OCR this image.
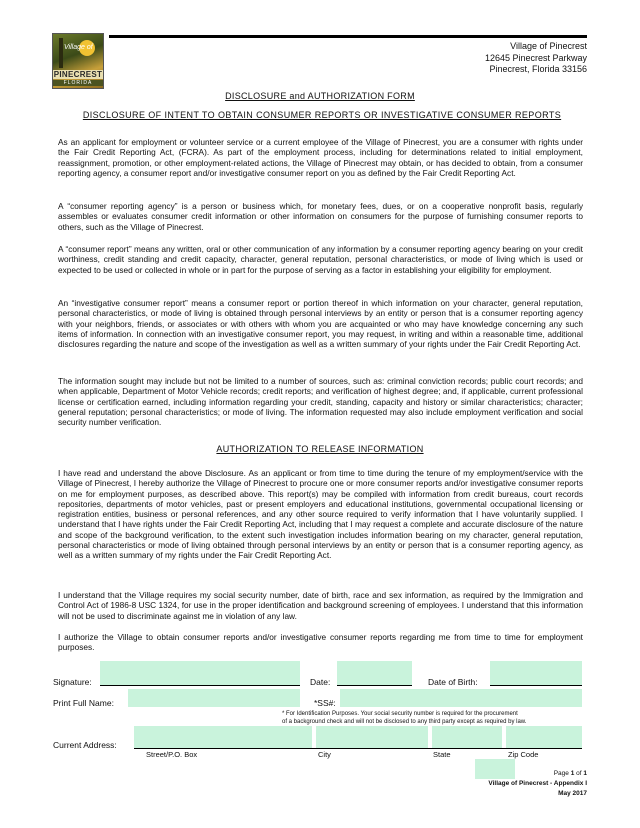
Village of
PINECREST
FLORIDA
Village of Pinecrest
12645 Pinecrest Parkway
Pinecrest, Florida 33156
DISCLOSURE and AUTHORIZATION FORM
DISCLOSURE OF INTENT TO OBTAIN CONSUMER REPORTS OR INVESTIGATIVE CONSUMER REPORTS
As an applicant for employment or volunteer service or a current employee of the Village of Pinecrest, you are a consumer with rights under the Fair Credit Reporting Act, (FCRA). As part of the employment process, including for determinations related to initial employment, reassignment, promotion, or other employment-related actions, the Village of Pinecrest may obtain, or has decided to obtain, from a consumer reporting agency, a consumer report and/or investigative consumer report on you as defined by the Fair Credit Reporting Act.
A “consumer reporting agency” is a person or business which, for monetary fees, dues, or on a cooperative nonprofit basis, regularly assembles or evaluates consumer credit information or other information on consumers for the purpose of furnishing consumer reports to others, such as the Village of Pinecrest.
A “consumer report” means any written, oral or other communication of any information by a consumer reporting agency bearing on your credit worthiness, credit standing and credit capacity, character, general reputation, personal characteristics, or mode of living which is used or expected to be used or collected in whole or in part for the purpose of serving as a factor in establishing your eligibility for employment.
An “investigative consumer report” means a consumer report or portion thereof in which information on your character, general reputation, personal characteristics, or mode of living is obtained through personal interviews by an entity or person that is a consumer reporting agency with your neighbors, friends, or associates or with others with whom you are acquainted or who may have knowledge concerning any such items of information. In connection with an investigative consumer report, you may request, in writing and within a reasonable time, additional disclosures regarding the nature and scope of the investigation as well as a written summary of your rights under the Fair Credit Reporting Act.
The information sought may include but not be limited to a number of sources, such as: criminal conviction records; public court records; and when applicable, Department of Motor Vehicle records; credit reports; and verification of highest degree; and, if applicable, current professional license or certification earned, including information regarding your credit, standing, capacity and history or similar characteristics; character; general reputation; personal characteristics; or mode of living. The information requested may also include employment verification and social security number verification.
AUTHORIZATION TO RELEASE INFORMATION
I have read and understand the above Disclosure. As an applicant or from time to time during the tenure of my employment/service with the Village of Pinecrest, I hereby authorize the Village of Pinecrest to procure one or more consumer reports and/or investigative consumer reports on me for employment purposes, as described above. This report(s) may be compiled with information from credit bureaus, court records repositories, departments of motor vehicles, past or present employers and educational institutions, governmental occupational licensing or registration entities, business or personal references, and any other source required to verify information that I have voluntarily supplied. I understand that I have rights under the Fair Credit Reporting Act, including that I may request a complete and accurate disclosure of the nature and scope of the background verification, to the extent such investigation includes information bearing on my character, general reputation, personal characteristics or mode of living obtained through personal interviews by an entity or person that is a consumer reporting agency, as well as a written summary of my rights under the Fair Credit Reporting Act.
I understand that the Village requires my social security number, date of birth, race and sex information, as required by the Immigration and Control Act of 1986-8 USC 1324, for use in the proper identification and background screening of employees. I understand that this information will not be used to discriminate against me in violation of any law.
I authorize the Village to obtain consumer reports and/or investigative consumer reports regarding me from time to time for employment purposes.
Signature:	Date:	Date of Birth:
Print Full Name:	*SS#:
* For Identification Purposes. Your social security number is required for the procurement
of a background check and will not be disclosed to any third party except as required by law.
Current Address:
Street/P.O. Box	City	State	Zip Code
Page 1 of 1
Village of Pinecrest - Appendix I
May 2017
